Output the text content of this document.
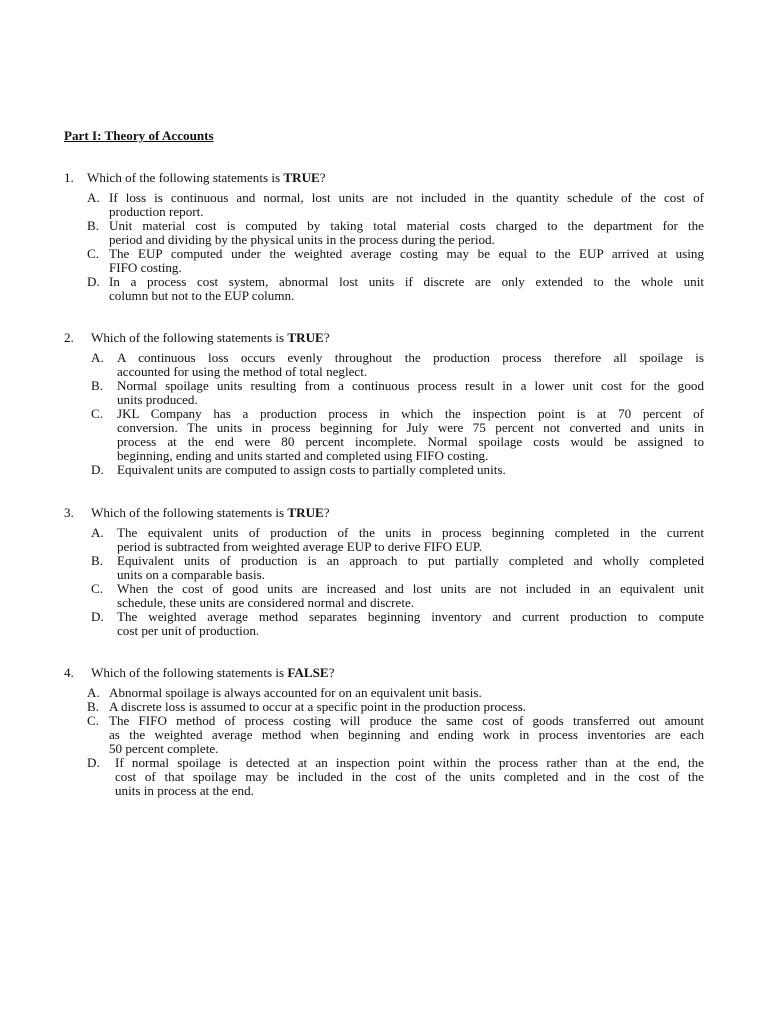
Part I: Theory of Accounts
1. Which of the following statements is TRUE?
A. If loss is continuous and normal, lost units are not included in the quantity schedule of the cost of
production report.
B. Unit material cost is computed by taking total material costs charged to the department for the
period and dividing by the physical units in the process during the period.
C. The EUP computed under the weighted average costing may be equal to the EUP arrived at using
FIFO costing.
D. In a process cost system, abnormal lost units if discrete are only extended to the whole unit
column but not to the EUP column.
2. Which of the following statements is TRUE?
A. A continuous loss occurs evenly throughout the production process therefore all spoilage is
accounted for using the method of total neglect.
B. Normal spoilage units resulting from a continuous process result in a lower unit cost for the good
units produced.
C. JKL Company has a production process in which the inspection point is at 70 percent of
conversion. The units in process beginning for July were 75 percent not converted and units in
process at the end were 80 percent incomplete. Normal spoilage costs would be assigned to
beginning, ending and units started and completed using FIFO costing.
D. Equivalent units are computed to assign costs to partially completed units.
3. Which of the following statements is TRUE?
A. The equivalent units of production of the units in process beginning completed in the current
period is subtracted from weighted average EUP to derive FIFO EUP.
B. Equivalent units of production is an approach to put partially completed and wholly completed
units on a comparable basis.
C. When the cost of good units are increased and lost units are not included in an equivalent unit
schedule, these units are considered normal and discrete.
D. The weighted average method separates beginning inventory and current production to compute
cost per unit of production.
4. Which of the following statements is FALSE?
A. Abnormal spoilage is always accounted for on an equivalent unit basis.
B. A discrete loss is assumed to occur at a specific point in the production process.
C. The FIFO method of process costing will produce the same cost of goods transferred out amount
as the weighted average method when beginning and ending work in process inventories are each
50 percent complete.
D. If normal spoilage is detected at an inspection point within the process rather than at the end, the
cost of that spoilage may be included in the cost of the units completed and in the cost of the
units in process at the end.
